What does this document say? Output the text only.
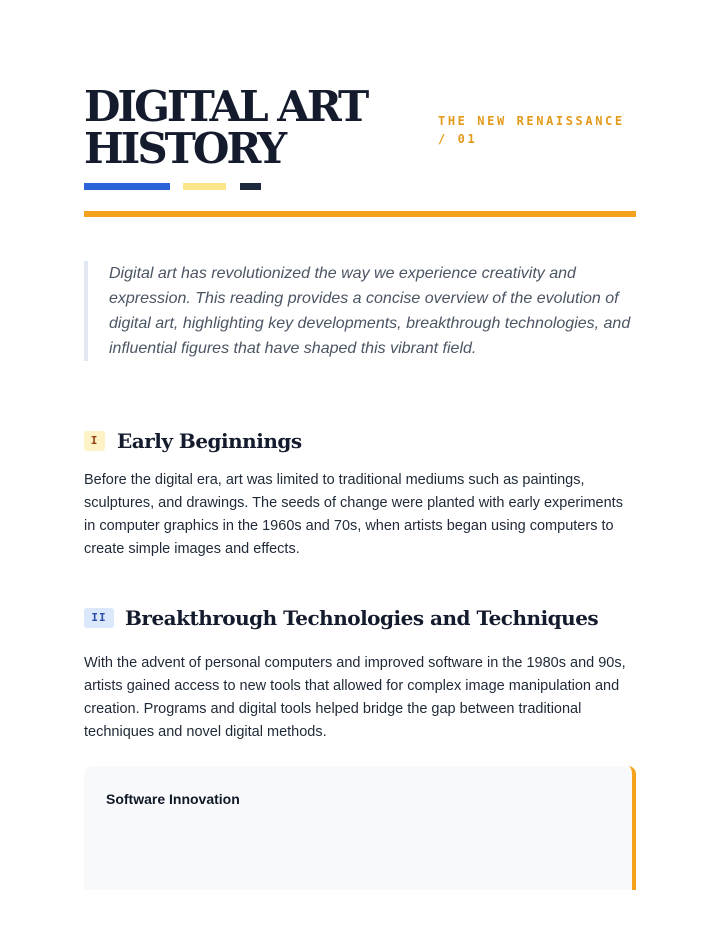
DIGITAL ART
HISTORY
THE NEW RENAISSANCE
/ 01

Digital art has revolutionized the way we experience creativity and expression. This reading provides a concise overview of the evolution of digital art, highlighting key developments, breakthrough technologies, and influential figures that have shaped this vibrant field.

I Early Beginnings

Before the digital era, art was limited to traditional mediums such as paintings, sculptures, and drawings. The seeds of change were planted with early experiments in computer graphics in the 1960s and 70s, when artists began using computers to create simple images and effects.

II Breakthrough Technologies and Techniques

With the advent of personal computers and improved software in the 1980s and 90s, artists gained access to new tools that allowed for complex image manipulation and creation. Programs and digital tools helped bridge the gap between traditional techniques and novel digital methods.

Software Innovation
